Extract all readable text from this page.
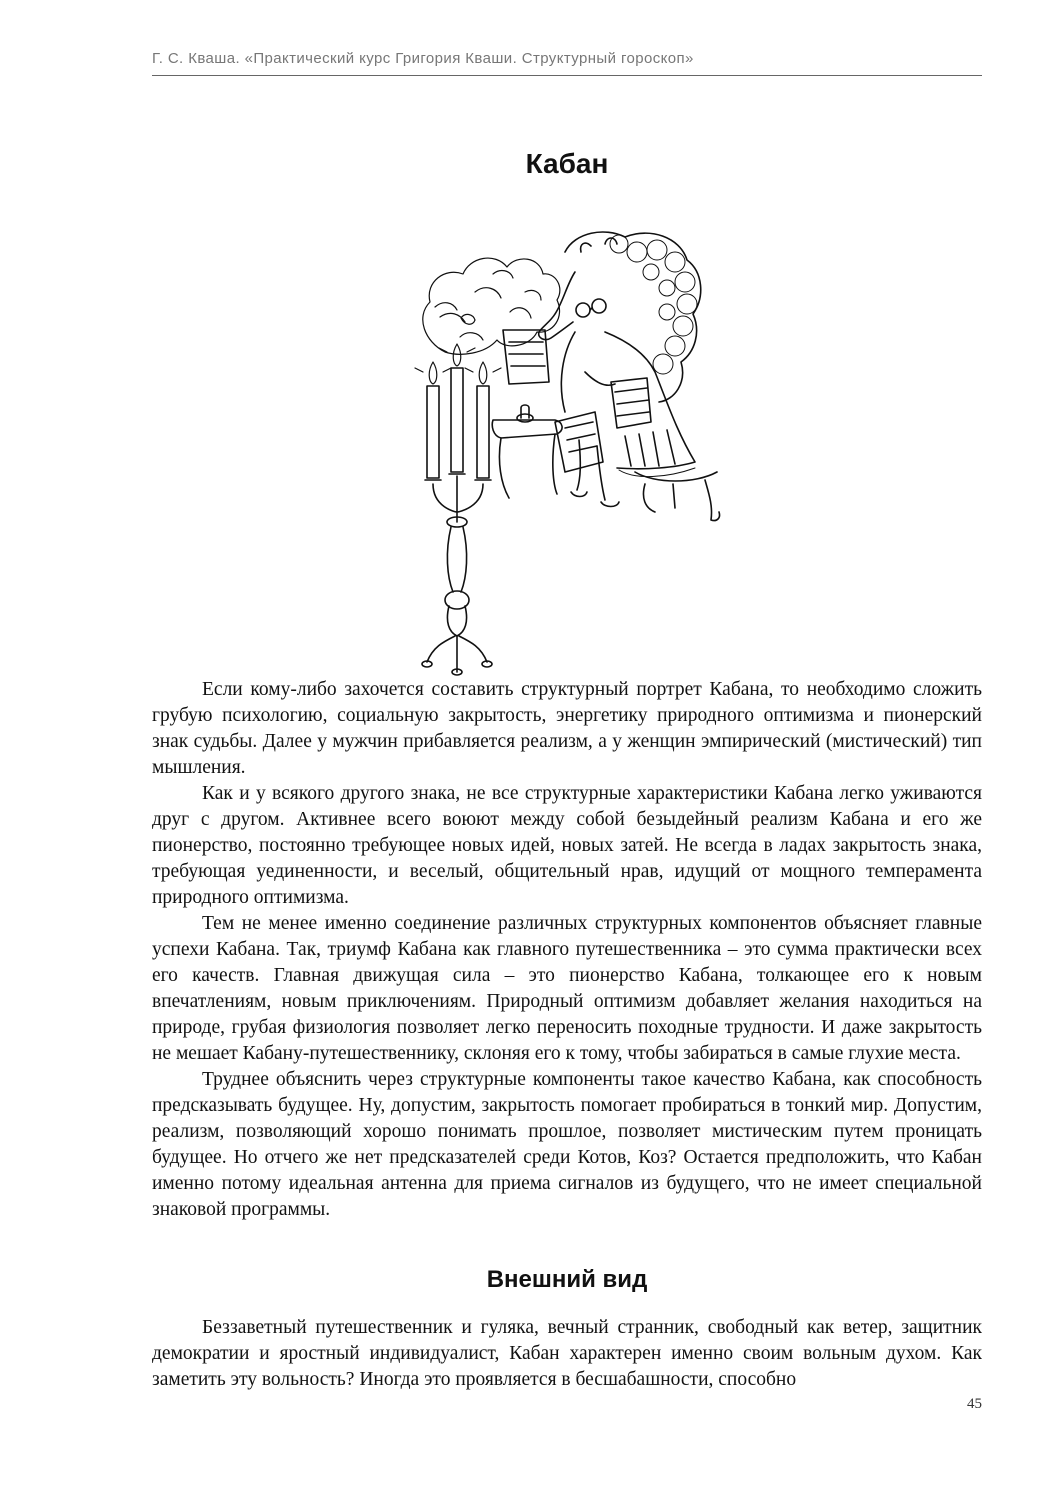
Г. С. Кваша. «Практический курс Григория Кваши. Структурный гороскоп»
Кабан

Если кому-либо захочется составить структурный портрет Кабана, то необходимо сложить грубую психологию, социальную закрытость, энергетику природного оптимизма и пионерский знак судьбы. Далее у мужчин прибавляется реализм, а у женщин эмпирический (мистический) тип мышления.

Как и у всякого другого знака, не все структурные характеристики Кабана легко уживаются друг с другом. Активнее всего воюют между собой безыдейный реализм Кабана и его же пионерство, постоянно требующее новых идей, новых затей. Не всегда в ладах закрытость знака, требующая уединенности, и веселый, общительный нрав, идущий от мощного темперамента природного оптимизма.

Тем не менее именно соединение различных структурных компонентов объясняет главные успехи Кабана. Так, триумф Кабана как главного путешественника – это сумма практически всех его качеств. Главная движущая сила – это пионерство Кабана, толкающее его к новым впечатлениям, новым приключениям. Природный оптимизм добавляет желания находиться на природе, грубая физиология позволяет легко переносить походные трудности. И даже закрытость не мешает Кабану-путешественнику, склоняя его к тому, чтобы забираться в самые глухие места.

Труднее объяснить через структурные компоненты такое качество Кабана, как способность предсказывать будущее. Ну, допустим, закрытость помогает пробираться в тонкий мир. Допустим, реализм, позволяющий хорошо понимать прошлое, позволяет мистическим путем проницать будущее. Но отчего же нет предсказателей среди Котов, Коз? Остается предположить, что Кабан именно потому идеальная антенна для приема сигналов из будущего, что не имеет специальной знаковой программы.

Внешний вид

Беззаветный путешественник и гуляка, вечный странник, свободный как ветер, защитник демократии и яростный индивидуалист, Кабан характерен именно своим вольным духом. Как заметить эту вольность? Иногда это проявляется в бесшабашности, способно

45
